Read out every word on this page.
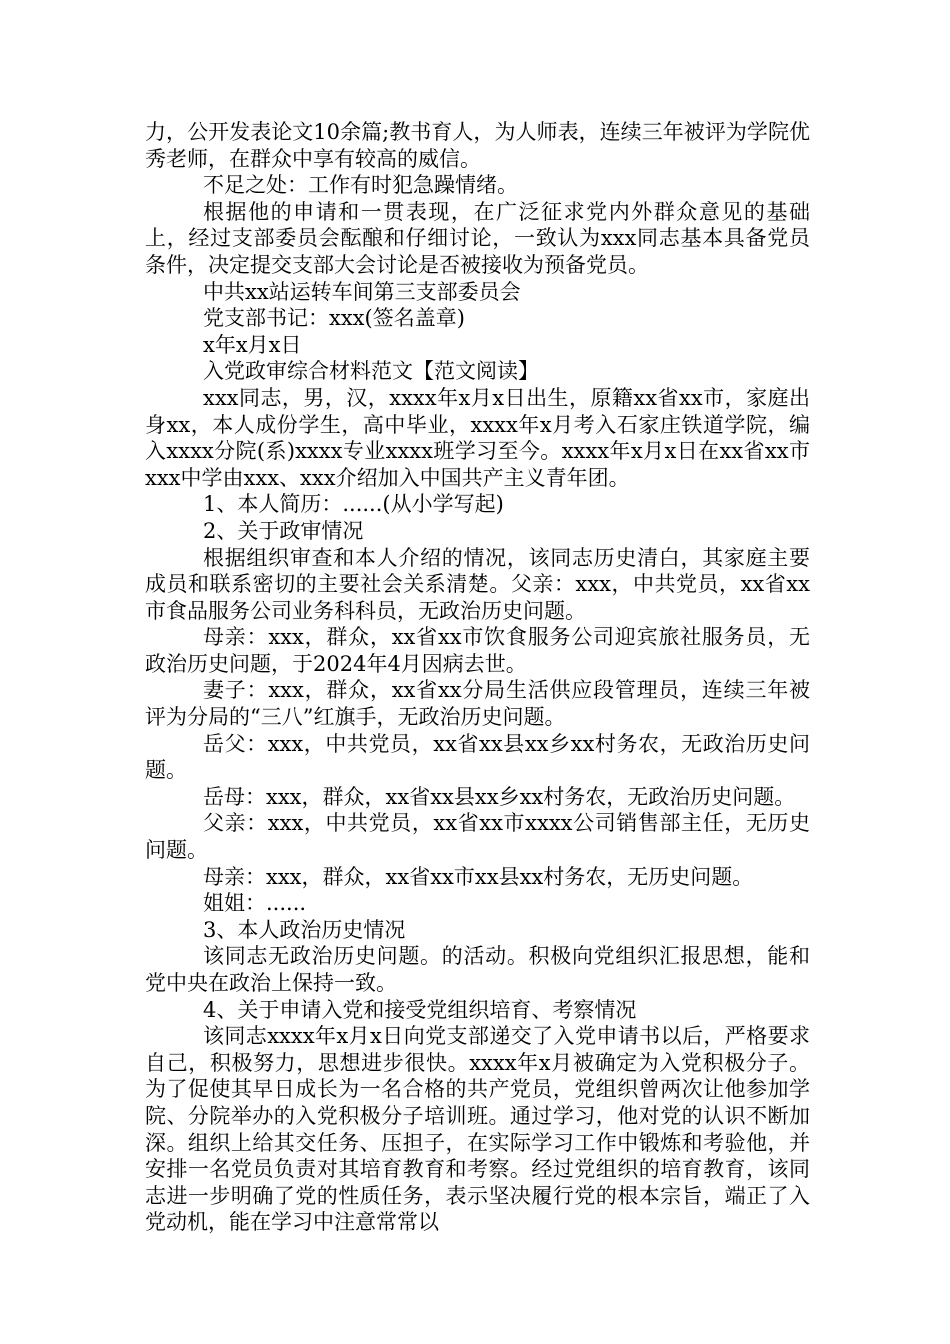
力，公开发表论文10余篇;教书育人，为人师表，连续三年被评为学院优秀老师，在群众中享有较高的威信。

不足之处：工作有时犯急躁情绪。

根据他的申请和一贯表现，在广泛征求党内外群众意见的基础上，经过支部委员会酝酿和仔细讨论，一致认为xxx同志基本具备党员条件，决定提交支部大会讨论是否被接收为预备党员。

中共xx站运转车间第三支部委员会

党支部书记：xxx(签名盖章)

x年x月x日

入党政审综合材料范文【范文阅读】

xxx同志，男，汉，xxxx年x月x日出生，原籍xx省xx市，家庭出身xx，本人成份学生，高中毕业，xxxx年x月考入石家庄铁道学院，编入xxxx分院(系)xxxx专业xxxx班学习至今。xxxx年x月x日在xx省xx市xxx中学由xxx、xxx介绍加入中国共产主义青年团。

1、本人简历：......(从小学写起)

2、关于政审情况

根据组织审查和本人介绍的情况，该同志历史清白，其家庭主要成员和联系密切的主要社会关系清楚。父亲：xxx，中共党员，xx省xx市食品服务公司业务科科员，无政治历史问题。

母亲：xxx，群众，xx省xx市饮食服务公司迎宾旅社服务员，无政治历史问题，于2024年4月因病去世。

妻子：xxx，群众，xx省xx分局生活供应段管理员，连续三年被评为分局的“三八”红旗手，无政治历史问题。

岳父：xxx，中共党员，xx省xx县xx乡xx村务农，无政治历史问题。

岳母：xxx，群众，xx省xx县xx乡xx村务农，无政治历史问题。

父亲：xxx，中共党员，xx省xx市xxxx公司销售部主任，无历史问题。

母亲：xxx，群众，xx省xx市xx县xx村务农，无历史问题。

姐姐：......

3、本人政治历史情况

该同志无政治历史问题。的活动。积极向党组织汇报思想，能和党中央在政治上保持一致。

4、关于申请入党和接受党组织培育、考察情况

该同志xxxx年x月x日向党支部递交了入党申请书以后，严格要求自己，积极努力，思想进步很快。xxxx年x月被确定为入党积极分子。为了促使其早日成长为一名合格的共产党员，党组织曾两次让他参加学院、分院举办的入党积极分子培训班。通过学习，他对党的认识不断加深。组织上给其交任务、压担子，在实际学习工作中锻炼和考验他，并安排一名党员负责对其培育教育和考察。经过党组织的培育教育，该同志进一步明确了党的性质任务，表示坚决履行党的根本宗旨，端正了入党动机，能在学习中注意常常以
